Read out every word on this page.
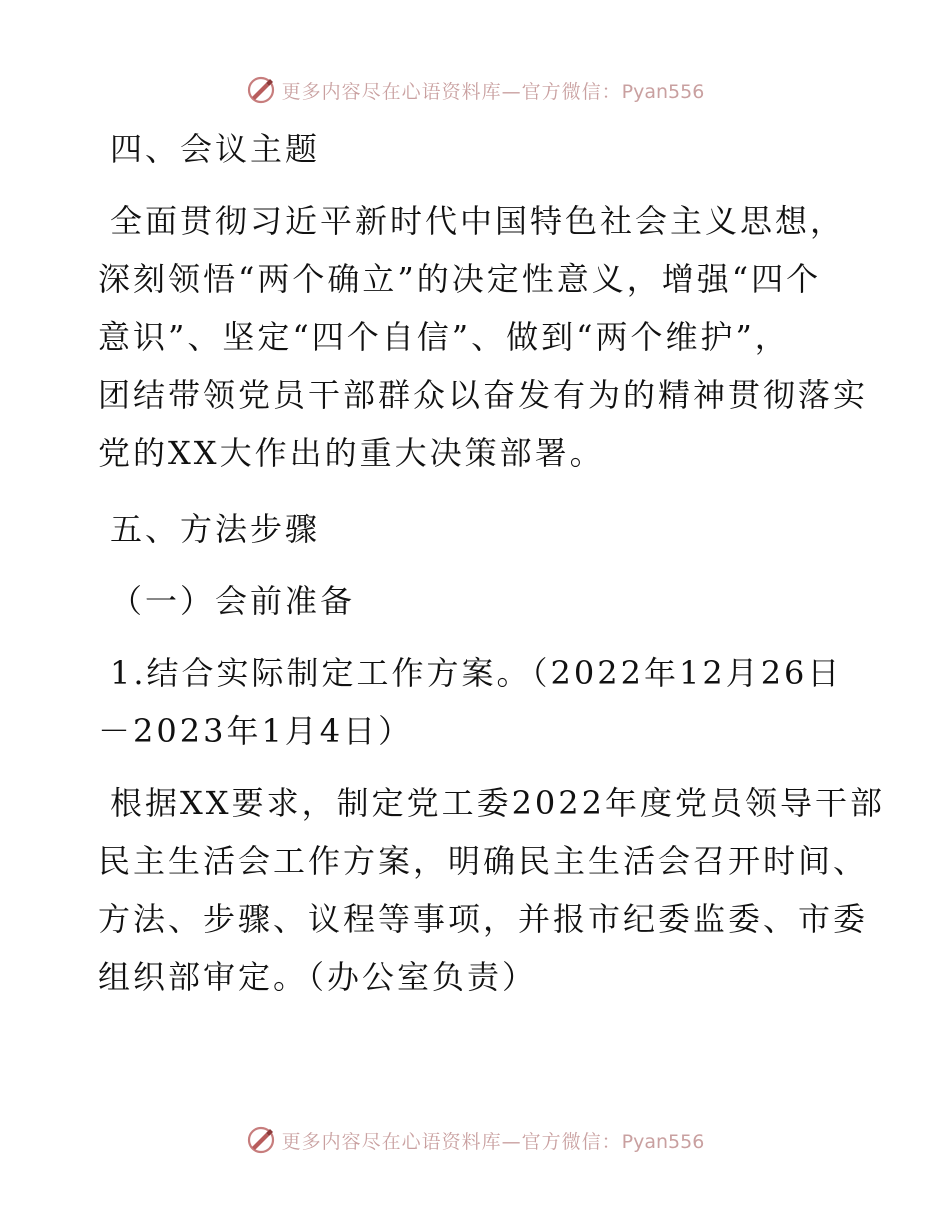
更多内容尽在心语资料库—官方微信：Pyan556
四、会议主题
全面贯彻习近平新时代中国特色社会主义思想，
深刻领悟“两个确立”的决定性意义，增强“四个
意识”、坚定“四个自信”、做到“两个维护”，
团结带领党员干部群众以奋发有为的精神贯彻落实
党的XX大作出的重大决策部署。
五、方法步骤
（一）会前准备
1.结合实际制定工作方案。（2022年12月26日
－2023年1月4日）
根据XX要求，制定党工委2022年度党员领导干部
民主生活会工作方案，明确民主生活会召开时间、
方法、步骤、议程等事项，并报市纪委监委、市委
组织部审定。（办公室负责）
更多内容尽在心语资料库—官方微信：Pyan556
